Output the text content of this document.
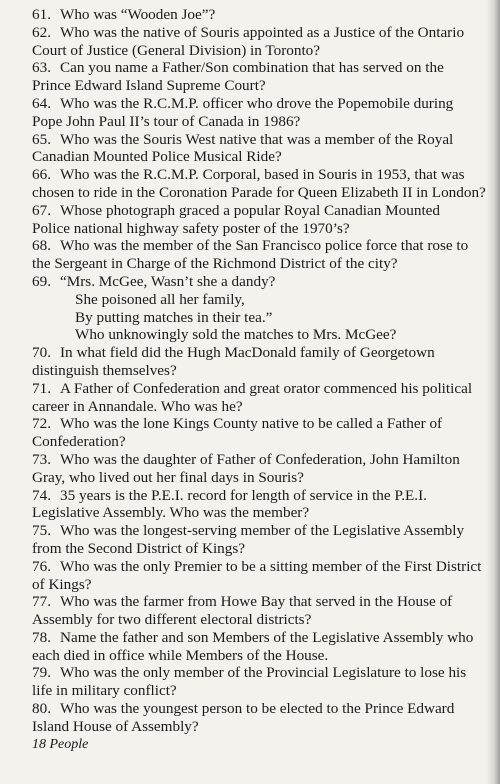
61. Who was “Wooden Joe”?
62. Who was the native of Souris appointed as a Justice of the Ontario
Court of Justice (General Division) in Toronto?
63. Can you name a Father/Son combination that has served on the
Prince Edward Island Supreme Court?
64. Who was the R.C.M.P. officer who drove the Popemobile during
Pope John Paul II’s tour of Canada in 1986?
65. Who was the Souris West native that was a member of the Royal
Canadian Mounted Police Musical Ride?
66. Who was the R.C.M.P. Corporal, based in Souris in 1953, that was
chosen to ride in the Coronation Parade for Queen Elizabeth II in London?
67. Whose photograph graced a popular Royal Canadian Mounted
Police national highway safety poster of the 1970’s?
68. Who was the member of the San Francisco police force that rose to
the Sergeant in Charge of the Richmond District of the city?
69. “Mrs. McGee, Wasn’t she a dandy?
She poisoned all her family,
By putting matches in their tea.”
Who unknowingly sold the matches to Mrs. McGee?
70. In what field did the Hugh MacDonald family of Georgetown
distinguish themselves?
71. A Father of Confederation and great orator commenced his political
career in Annandale. Who was he?
72. Who was the lone Kings County native to be called a Father of
Confederation?
73. Who was the daughter of Father of Confederation, John Hamilton
Gray, who lived out her final days in Souris?
74. 35 years is the P.E.I. record for length of service in the P.E.I.
Legislative Assembly. Who was the member?
75. Who was the longest-serving member of the Legislative Assembly
from the Second District of Kings?
76. Who was the only Premier to be a sitting member of the First District
of Kings?
77. Who was the farmer from Howe Bay that served in the House of
Assembly for two different electoral districts?
78. Name the father and son Members of the Legislative Assembly who
each died in office while Members of the House.
79. Who was the only member of the Provincial Legislature to lose his
life in military conflict?
80. Who was the youngest person to be elected to the Prince Edward
Island House of Assembly?
18 People
